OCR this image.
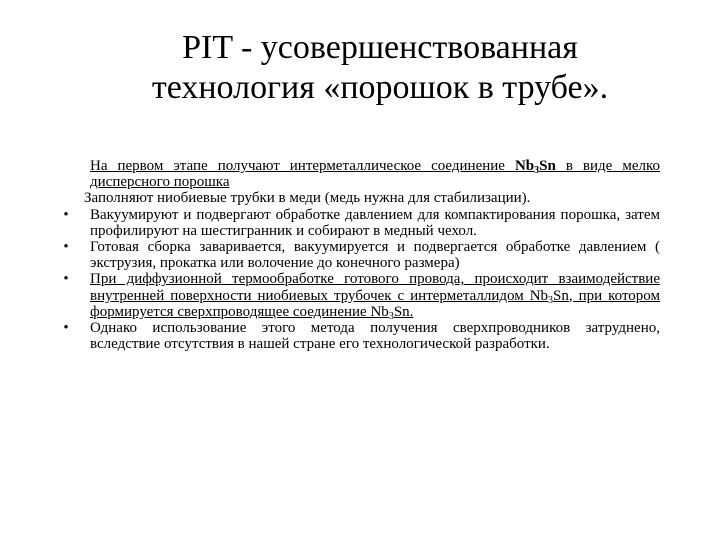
PIT - усовершенствованная
технология «порошок в трубе».
На первом этапе получают интерметаллическое соединение $Nb_3Sn$ в виде мелко дисперсного порошка
Заполняют ниобиевые трубки в меди (медь нужна для стабилизации).
• Вакуумируют и подвергают обработке давлением для компактирования порошка, затем профилируют на шестигранник и собирают в медный чехол.
• Готовая сборка заваривается, вакуумируется и подвергается обработке давлением ( экструзия, прокатка или волочение до конечного размера)
• При диффузионной термообработке готового провода, происходит взаимодействие внутренней поверхности ниобиевых трубочек с интерметаллидом $Nb_3Sn$, при котором формируется сверхпроводящее соединение $Nb_3Sn$.
• Однако использование этого метода получения сверхпроводников затруднено, вследствие отсутствия в нашей стране его технологической разработки.
